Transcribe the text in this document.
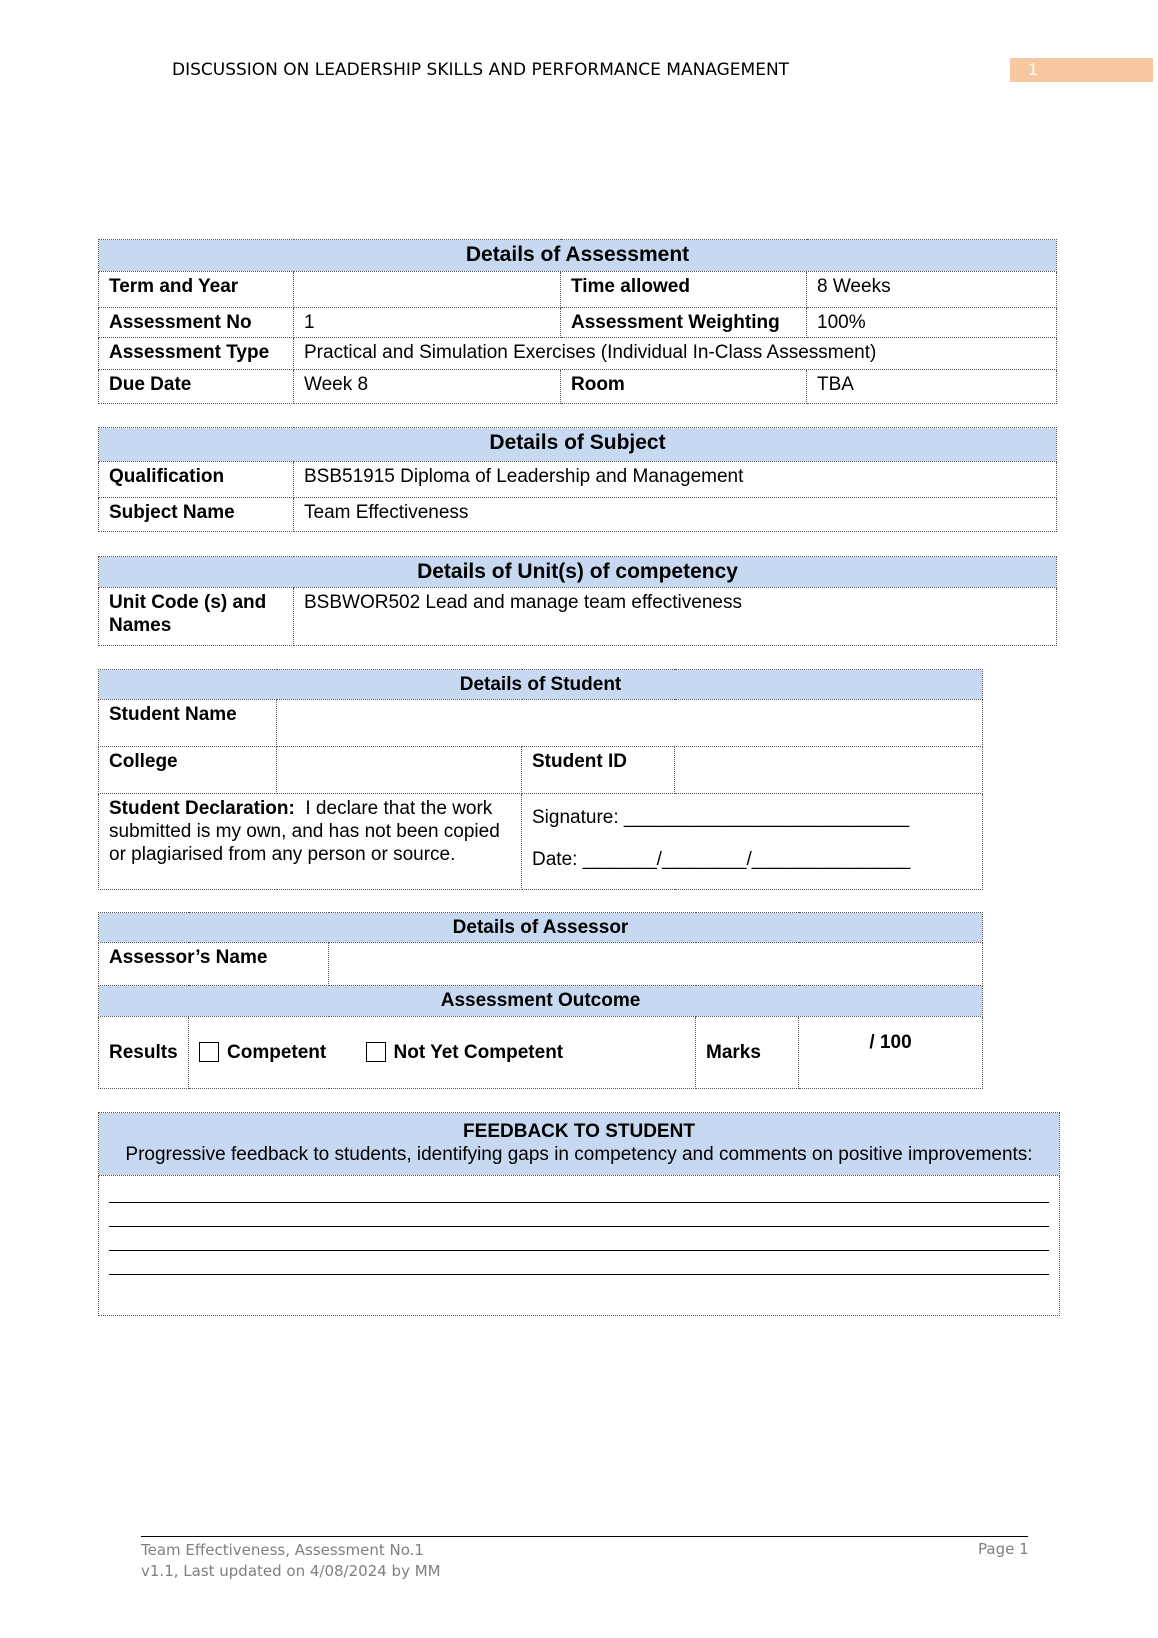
DISCUSSION ON LEADERSHIP SKILLS AND PERFORMANCE MANAGEMENT	1
Details of Assessment			
Term and Year		Time allowed	8 Weeks
Assessment No	1	Assessment Weighting	100%
Assessment Type	Practical and Simulation Exercises (Individual In-Class Assessment)		
Due Date	Week 8	Room	TBA
Details of Subject	
Qualification	BSB51915 Diploma of Leadership and Management
Subject Name	Team Effectiveness
Details of Unit(s) of competency
Unit Code (s) and Names	BSBWOR502 Lead and manage team effectiveness
Details of Student			
Student Name			
College		Student ID	
Student Declaration: I declare that the work submitted is my own, and has not been copied or plagiarised from any person or source.		Signature: ___________________________
Date: _______/________/_______________	
Details of Assessor				
Assessor’s Name				
Assessment Outcome				
Results	Competent Not Yet Competent		Marks	/ 100
FEEDBACK TO STUDENT
Progressive feedback to students, identifying gaps in competency and comments on positive improvements:

Team Effectiveness, Assessment No.1
v1.1, Last updated on 4/08/2024 by MM
Page 1
